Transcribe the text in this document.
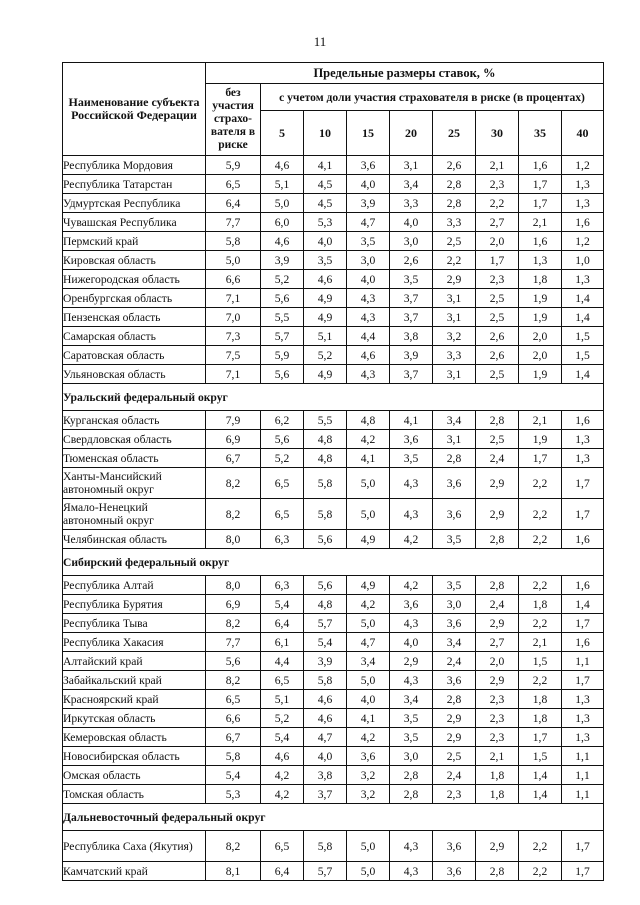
11
Наименование субъекта Российской Федерации	Предельные размеры ставок, %								
	без участия страхо-вателя в риске	с учетом доли участия страхователя в риске (в процентах)							
		5	10	15	20	25	30	35	40
Республика Мордовия	5,9	4,6	4,1	3,6	3,1	2,6	2,1	1,6	1,2
Республика Татарстан	6,5	5,1	4,5	4,0	3,4	2,8	2,3	1,7	1,3
Удмуртская Республика	6,4	5,0	4,5	3,9	3,3	2,8	2,2	1,7	1,3
Чувашская Республика	7,7	6,0	5,3	4,7	4,0	3,3	2,7	2,1	1,6
Пермский край	5,8	4,6	4,0	3,5	3,0	2,5	2,0	1,6	1,2
Кировская область	5,0	3,9	3,5	3,0	2,6	2,2	1,7	1,3	1,0
Нижегородская область	6,6	5,2	4,6	4,0	3,5	2,9	2,3	1,8	1,3
Оренбургская область	7,1	5,6	4,9	4,3	3,7	3,1	2,5	1,9	1,4
Пензенская область	7,0	5,5	4,9	4,3	3,7	3,1	2,5	1,9	1,4
Самарская область	7,3	5,7	5,1	4,4	3,8	3,2	2,6	2,0	1,5
Саратовская область	7,5	5,9	5,2	4,6	3,9	3,3	2,6	2,0	1,5
Ульяновская область	7,1	5,6	4,9	4,3	3,7	3,1	2,5	1,9	1,4
Уральский федеральный округ									
Курганская область	7,9	6,2	5,5	4,8	4,1	3,4	2,8	2,1	1,6
Свердловская область	6,9	5,6	4,8	4,2	3,6	3,1	2,5	1,9	1,3
Тюменская область	6,7	5,2	4,8	4,1	3,5	2,8	2,4	1,7	1,3
Ханты-Мансийский автономный округ	8,2	6,5	5,8	5,0	4,3	3,6	2,9	2,2	1,7
Ямало-Ненецкий автономный округ	8,2	6,5	5,8	5,0	4,3	3,6	2,9	2,2	1,7
Челябинская область	8,0	6,3	5,6	4,9	4,2	3,5	2,8	2,2	1,6
Сибирский федеральный округ									
Республика Алтай	8,0	6,3	5,6	4,9	4,2	3,5	2,8	2,2	1,6
Республика Бурятия	6,9	5,4	4,8	4,2	3,6	3,0	2,4	1,8	1,4
Республика Тыва	8,2	6,4	5,7	5,0	4,3	3,6	2,9	2,2	1,7
Республика Хакасия	7,7	6,1	5,4	4,7	4,0	3,4	2,7	2,1	1,6
Алтайский край	5,6	4,4	3,9	3,4	2,9	2,4	2,0	1,5	1,1
Забайкальский край	8,2	6,5	5,8	5,0	4,3	3,6	2,9	2,2	1,7
Красноярский край	6,5	5,1	4,6	4,0	3,4	2,8	2,3	1,8	1,3
Иркутская область	6,6	5,2	4,6	4,1	3,5	2,9	2,3	1,8	1,3
Кемеровская область	6,7	5,4	4,7	4,2	3,5	2,9	2,3	1,7	1,3
Новосибирская область	5,8	4,6	4,0	3,6	3,0	2,5	2,1	1,5	1,1
Омская область	5,4	4,2	3,8	3,2	2,8	2,4	1,8	1,4	1,1
Томская область	5,3	4,2	3,7	3,2	2,8	2,3	1,8	1,4	1,1
Дальневосточный федеральный округ									
Республика Саха (Якутия)	8,2	6,5	5,8	5,0	4,3	3,6	2,9	2,2	1,7
Камчатский край	8,1	6,4	5,7	5,0	4,3	3,6	2,8	2,2	1,7
